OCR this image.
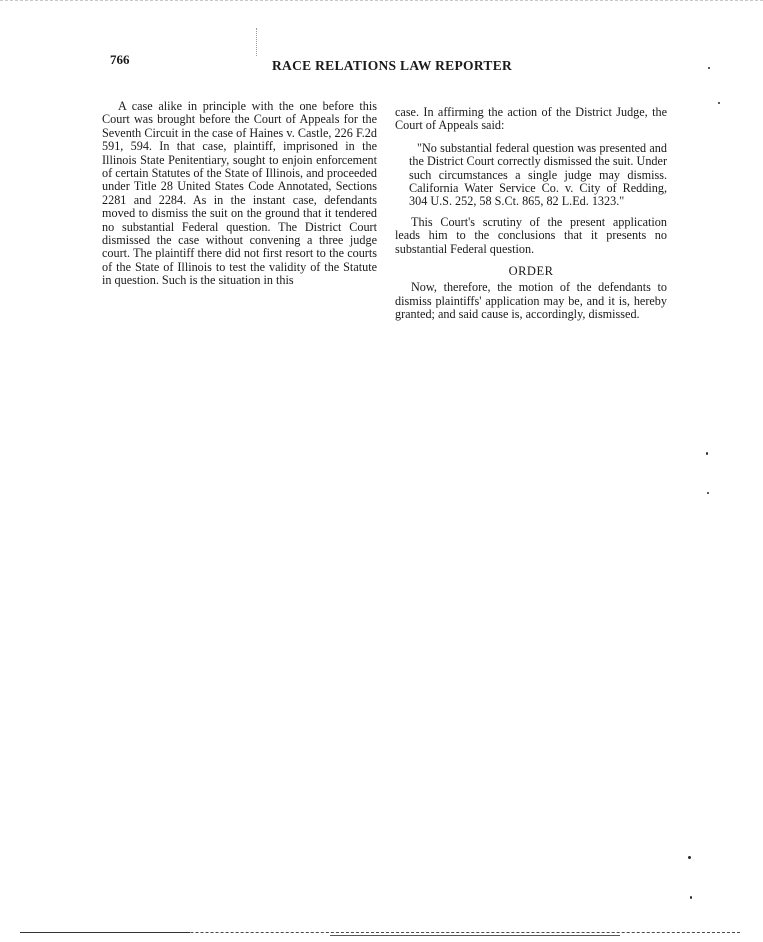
766	RACE RELATIONS LAW REPORTER

A case alike in principle with the one before this Court was brought before the Court of Appeals for the Seventh Circuit in the case of Haines v. Castle, 226 F.2d 591, 594. In that case, plaintiff, imprisoned in the Illinois State Penitentiary, sought to enjoin enforcement of certain Statutes of the State of Illinois, and proceeded under Title 28 United States Code Annotated, Sections 2281 and 2284. As in the instant case, defendants moved to dismiss the suit on the ground that it tendered no substantial Federal question. The District Court dismissed the case without convening a three judge court. The plaintiff there did not first resort to the courts of the State of Illinois to test the validity of the Statute in question. Such is the situation in this

case. In affirming the action of the District Judge, the Court of Appeals said:

"No substantial federal question was presented and the District Court correctly dismissed the suit. Under such circumstances a single judge may dismiss. California Water Service Co. v. City of Redding, 304 U.S. 252, 58 S.Ct. 865, 82 L.Ed. 1323."

This Court's scrutiny of the present application leads him to the conclusions that it presents no substantial Federal question.

ORDER

Now, therefore, the motion of the defendants to dismiss plaintiffs' application may be, and it is, hereby granted; and said cause is, accordingly, dismissed.
